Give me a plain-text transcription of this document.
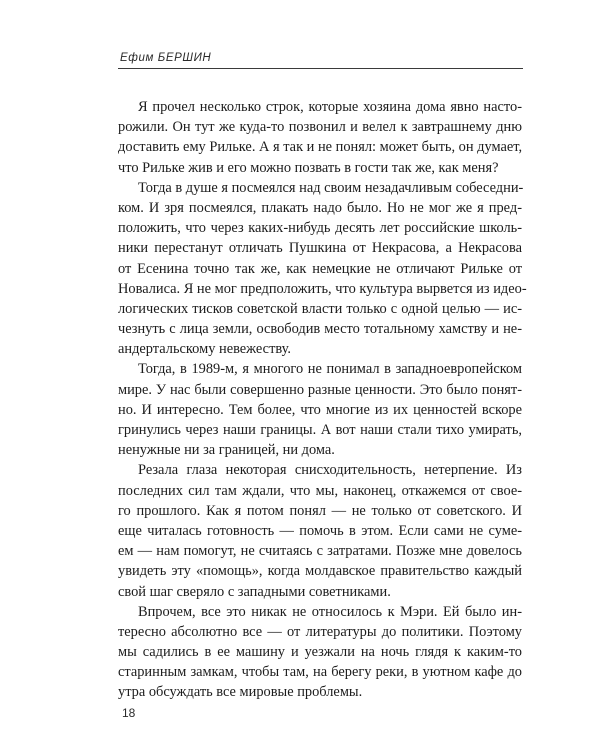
Ефим БЕРШИН

Я прочел несколько строк, которые хозяина дома явно насто-
рожили. Он тут же куда-то позвонил и велел к завтрашнему дню
доставить ему Рильке. А я так и не понял: может быть, он думает,
что Рильке жив и его можно позвать в гости так же, как меня?

Тогда в душе я посмеялся над своим незадачливым собеседни-
ком. И зря посмеялся, плакать надо было. Но не мог же я пред-
положить, что через каких-нибудь десять лет российские школь-
ники перестанут отличать Пушкина от Некрасова, а Некрасова
от Есенина точно так же, как немецкие не отличают Рильке от
Новалиса. Я не мог предположить, что культура вырвется из идео-
логических тисков советской власти только с одной целью — ис-
чезнуть с лица земли, освободив место тотальному хамству и не-
андертальскому невежеству.

Тогда, в 1989-м, я многого не понимал в западноевропейском
мире. У нас были совершенно разные ценности. Это было понят-
но. И интересно. Тем более, что многие из их ценностей вскоре
гринулись через наши границы. А вот наши стали тихо умирать,
ненужные ни за границей, ни дома.

Резала глаза некоторая снисходительность, нетерпение. Из
последних сил там ждали, что мы, наконец, откажемся от свое-
го прошлого. Как я потом понял — не только от советского. И
еще читалась готовность — помочь в этом. Если сами не суме-
ем — нам помогут, не считаясь с затратами. Позже мне довелось
увидеть эту «помощь», когда молдавское правительство каждый
свой шаг сверяло с западными советниками.

Впрочем, все это никак не относилось к Мэри. Ей было ин-
тересно абсолютно все — от литературы до политики. Поэтому
мы садились в ее машину и уезжали на ночь глядя к каким-то
старинным замкам, чтобы там, на берегу реки, в уютном кафе до
утра обсуждать все мировые проблемы.

18
